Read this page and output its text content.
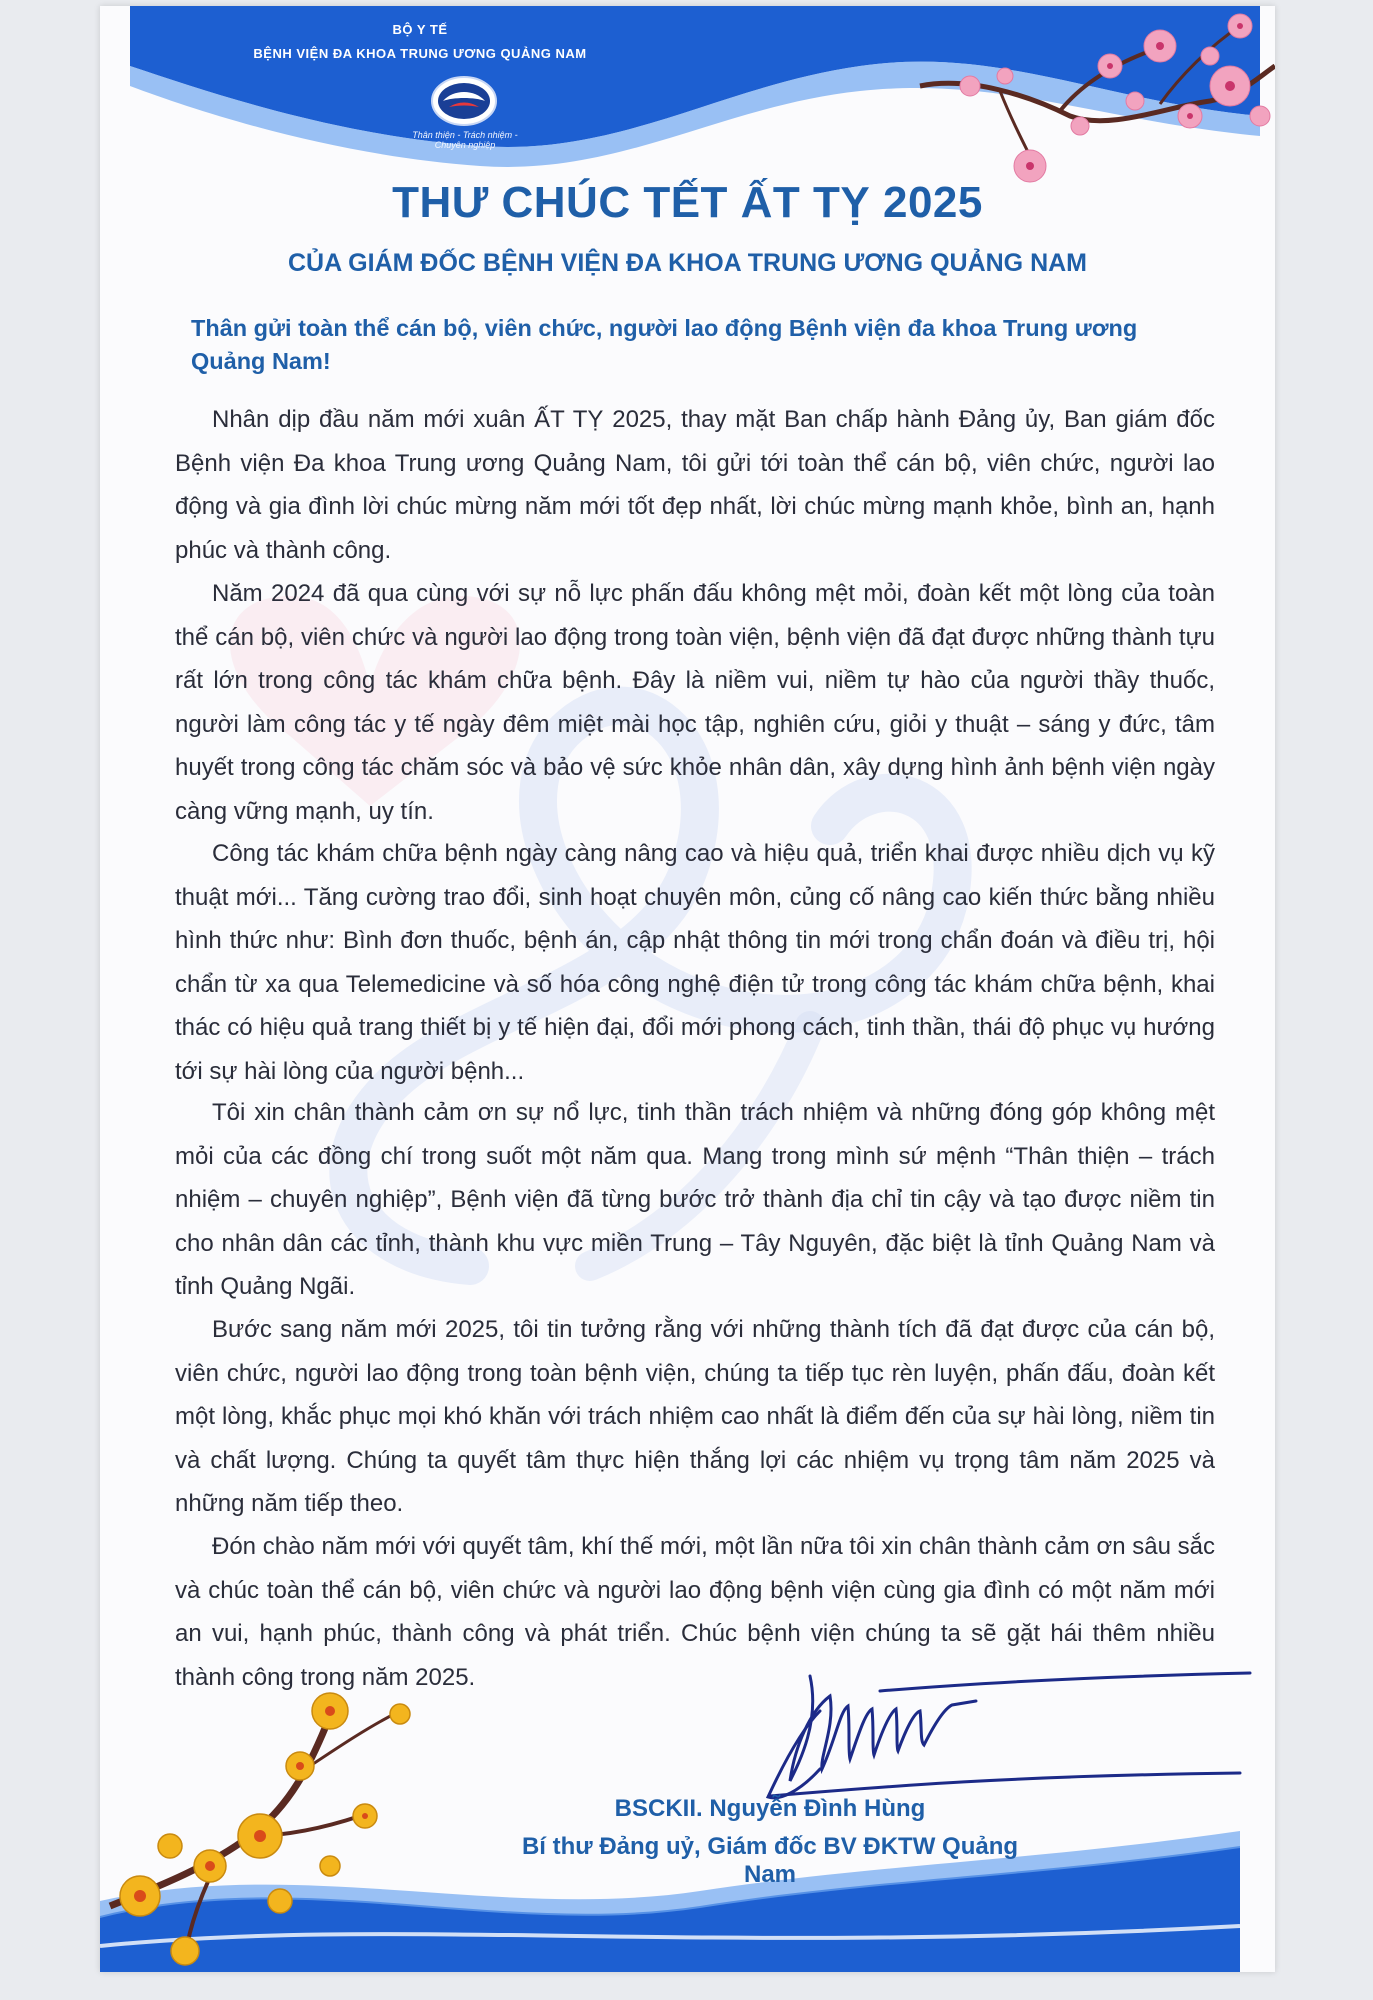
BỘ Y TẾ
BỆNH VIỆN ĐA KHOA TRUNG ƯƠNG QUẢNG NAM
Thân thiện - Trách nhiệm - Chuyên nghiệp
THƯ CHÚC TẾT ẤT TỴ 2025
CỦA GIÁM ĐỐC BỆNH VIỆN ĐA KHOA TRUNG ƯƠNG QUẢNG NAM
Thân gửi toàn thể cán bộ, viên chức, người lao động Bệnh viện đa khoa Trung ương Quảng Nam!
Nhân dịp đầu năm mới xuân ẤT TỴ 2025, thay mặt Ban chấp hành Đảng ủy, Ban giám đốc Bệnh viện Đa khoa Trung ương Quảng Nam, tôi gửi tới toàn thể cán bộ, viên chức, người lao động và gia đình lời chúc mừng năm mới tốt đẹp nhất, lời chúc mừng mạnh khỏe, bình an, hạnh phúc và thành công.
Năm 2024 đã qua cùng với sự nỗ lực phấn đấu không mệt mỏi, đoàn kết một lòng của toàn thể cán bộ, viên chức và người lao động trong toàn viện, bệnh viện đã đạt được những thành tựu rất lớn trong công tác khám chữa bệnh. Đây là niềm vui, niềm tự hào của người thầy thuốc, người làm công tác y tế ngày đêm miệt mài học tập, nghiên cứu, giỏi y thuật – sáng y đức, tâm huyết trong công tác chăm sóc và bảo vệ sức khỏe nhân dân, xây dựng hình ảnh bệnh viện ngày càng vững mạnh, uy tín.
Công tác khám chữa bệnh ngày càng nâng cao và hiệu quả, triển khai được nhiều dịch vụ kỹ thuật mới... Tăng cường trao đổi, sinh hoạt chuyên môn, củng cố nâng cao kiến thức bằng nhiều hình thức như: Bình đơn thuốc, bệnh án, cập nhật thông tin mới trong chẩn đoán và điều trị, hội chẩn từ xa qua Telemedicine và số hóa công nghệ điện tử trong công tác khám chữa bệnh, khai thác có hiệu quả trang thiết bị y tế hiện đại, đổi mới phong cách, tinh thần, thái độ phục vụ hướng tới sự hài lòng của người bệnh...
Tôi xin chân thành cảm ơn sự nổ lực, tinh thần trách nhiệm và những đóng góp không mệt mỏi của các đồng chí trong suốt một năm qua. Mang trong mình sứ mệnh “Thân thiện – trách nhiệm – chuyên nghiệp”, Bệnh viện đã từng bước trở thành địa chỉ tin cậy và tạo được niềm tin cho nhân dân các tỉnh, thành khu vực miền Trung – Tây Nguyên, đặc biệt là tỉnh Quảng Nam và tỉnh Quảng Ngãi.
Bước sang năm mới 2025, tôi tin tưởng rằng với những thành tích đã đạt được của cán bộ, viên chức, người lao động trong toàn bệnh viện, chúng ta tiếp tục rèn luyện, phấn đấu, đoàn kết một lòng, khắc phục mọi khó khăn với trách nhiệm cao nhất là điểm đến của sự hài lòng, niềm tin và chất lượng. Chúng ta quyết tâm thực hiện thắng lợi các nhiệm vụ trọng tâm năm 2025 và những năm tiếp theo.
Đón chào năm mới với quyết tâm, khí thế mới, một lần nữa tôi xin chân thành cảm ơn sâu sắc và chúc toàn thể cán bộ, viên chức và người lao động bệnh viện cùng gia đình có một năm mới an vui, hạnh phúc, thành công và phát triển. Chúc bệnh viện chúng ta sẽ gặt hái thêm nhiều thành công trong năm 2025.
BSCKII. Nguyễn Đình Hùng
Bí thư Đảng uỷ, Giám đốc BV ĐKTW Quảng Nam
